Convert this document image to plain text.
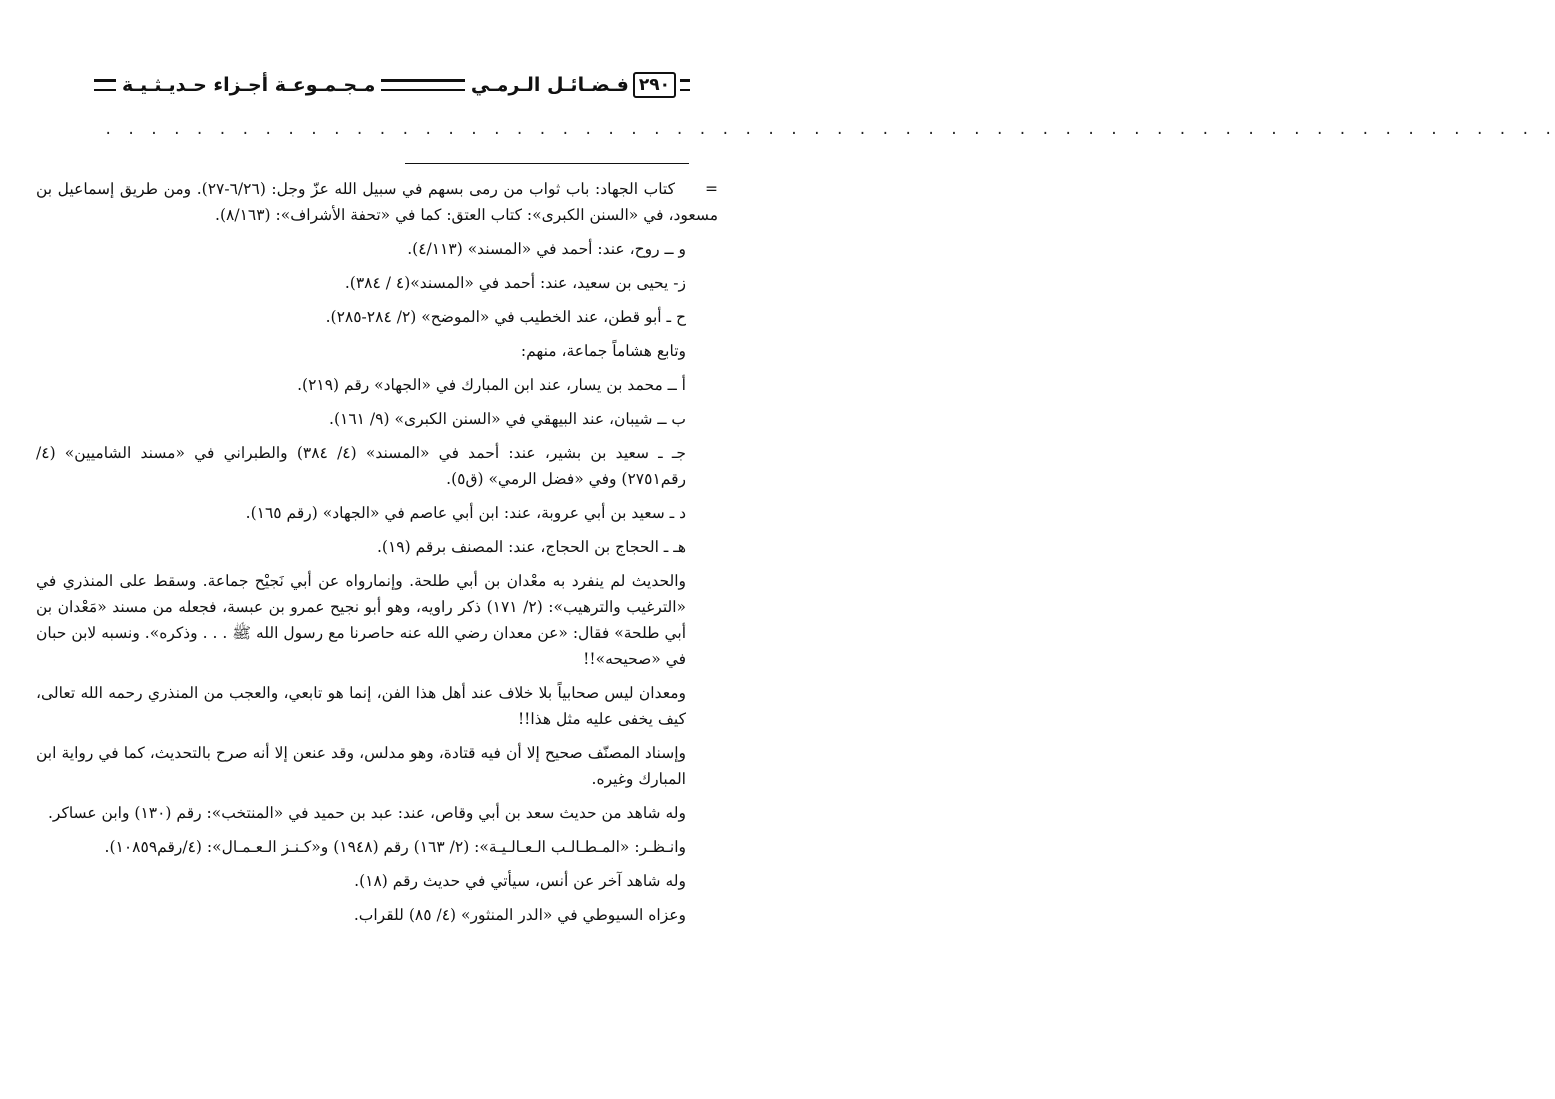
مـجـمـوعـة أجـزاء حـديـثـيـة	فـضـائـل الـرمـي ٢٩٠
. . . . . . . . . . . . . . . . . . . . . . . . . . . . . . . . . . . . . . . . . . . . . . . . . . . . . . . . . . . . . . . .

=كتاب الجهاد: باب ثواب من رمى بسهم في سبيل الله عزّ وجل: (٦/٢٦-٢٧). ومن طريق إسماعيل بن مسعود، في «السنن الكبرى»: كتاب العتق: كما في «تحفة الأشراف»: (٨/١٦٣).

و ــ روح، عند: أحمد في «المسند» (٤/١١٣).

ز- يحيى بن سعيد، عند: أحمد في «المسند»(٤ / ٣٨٤).

ح ـ أبو قطن، عند الخطيب في «الموضح» (٢/ ٢٨٤-٢٨٥).

وتابع هشاماً جماعة، منهم:

أ ــ محمد بن يسار، عند ابن المبارك في «الجهاد» رقم (٢١٩).

ب ــ شيبان، عند البيهقي في «السنن الكبرى» (٩/ ١٦١).

جـ ـ سعيد بن بشير، عند: أحمد في «المسند» (٤/ ٣٨٤) والطبراني في «مسند الشاميين» (٤/رقم٢٧٥١) وفي «فضل الرمي» (ق٥).

د ـ سعيد بن أبي عروبة، عند: ابن أبي عاصم في «الجهاد» (رقم ١٦٥).

هـ ـ الحجاج بن الحجاج، عند: المصنف برقم (١٩).

والحديث لم ينفرد به معْدان بن أبي طلحة. وإنمارواه عن أبي نَجيْح جماعة. وسقط على المنذري في «الترغيب والترهيب»: (٢/ ١٧١) ذكر راويه، وهو أبو نجيح عمرو بن عبسة، فجعله من مسند «مَعْدان بن أبي طلحة» فقال: «عن معدان رضي الله عنه حاصرنا مع رسول الله ﷺ . . . وذكره». ونسبه لابن حبان في «صحيحه»!!

ومعدان ليس صحابياً بلا خلاف عند أهل هذا الفن، إنما هو تابعي، والعجب من المنذري رحمه الله تعالى، كيف يخفى عليه مثل هذا!!

وإسناد المصنّف صحيح إلا أن فيه قتادة، وهو مدلس، وقد عنعن إلا أنه صرح بالتحديث، كما في رواية ابن المبارك وغيره.

وله شاهد من حديث سعد بن أبي وقاص، عند: عبد بن حميد في «المنتخب»: رقم (١٣٠) وابن عساكر.

وانـظـر: «المـطـالـب الـعـالـيـة»: (٢/ ١٦٣) رقم (١٩٤٨) و«كـنـز الـعـمـال»: (٤/رقم١٠٨٥٩).

وله شاهد آخر عن أنس، سيأتي في حديث رقم (١٨).

وعزاه السيوطي في «الدر المنثور» (٤/ ٨٥) للقراب.
